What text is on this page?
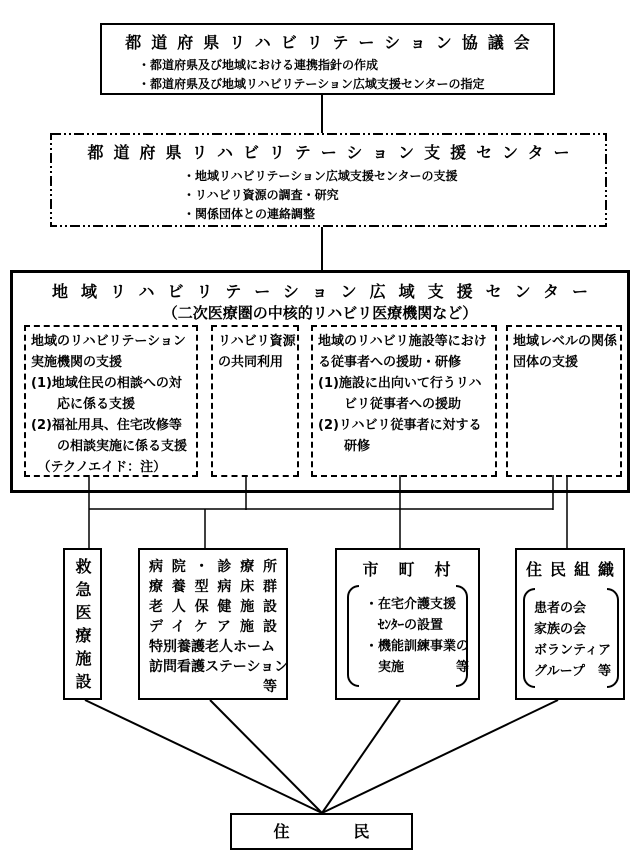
都道府県リハビリテーション協議会
・都道府県及び地域における連携指針の作成
・都道府県及び地域リハビリテーション広域支援センターの指定
都道府県リハビリテーション支援センター
・地域リハビリテーション広域支援センターの支援
・リハビリ資源の調査・研究
・関係団体との連絡調整
地域リハビリテーション広域支援センター
（二次医療圏の中核的リハビリ医療機関など）
地域のリハビリテーション
実施機関の支援
(1)地域住民の相談への対
　　応に係る支援
(2)福祉用具、住宅改修等
　　の相談実施に係る支援
　（テクノエイド：注）
リハビリ資源
の共同利用
地域のリハビリ施設等におけ
る従事者への援助・研修
(1)施設に出向いて行うリハ
　　ビリ従事者への援助
(2)リハビリ従事者に対する
　　研修
地域レベルの関係
団体の支援
救急医療施設	病院・診療所
療養型病床群
老人保健施設
デイケア施設
特別養護老人ホーム
訪問看護ステーション
等
市　町　村
・在宅介護支援
　ｾﾝﾀｰの設置
・機能訓練事業の
　実施　　　　等
住民組織
患者の会
家族の会
ボランティア
グループ　等
住　　　　民
